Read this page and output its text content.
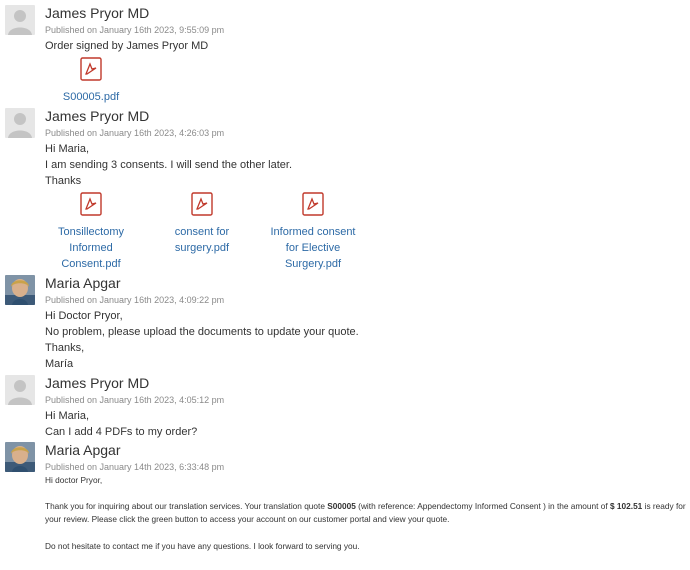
James Pryor MD
Published on January 16th 2023, 9:55:09 pm
Order signed by James Pryor MD
S00005.pdf
James Pryor MD
Published on January 16th 2023, 4:26:03 pm
Hi Maria,
I am sending 3 consents. I will send the other later.
Thanks
Tonsillectomy Informed Consent.pdf
consent for surgery.pdf
Informed consent for Elective Surgery.pdf
Maria Apgar
Published on January 16th 2023, 4:09:22 pm
Hi Doctor Pryor,
No problem, please upload the documents to update your quote.
Thanks,
María
James Pryor MD
Published on January 16th 2023, 4:05:12 pm
Hi Maria,
Can I add 4 PDFs to my order?
Maria Apgar
Published on January 14th 2023, 6:33:48 pm
Hi doctor Pryor,
Thank you for inquiring about our translation services. Your translation quote S00005 (with reference: Appendectomy Informed Consent ) in the amount of $ 102.51 is ready for your review. Please click the green button to access your account on our customer portal and view your quote.
Do not hesitate to contact me if you have any questions. I look forward to serving you.
